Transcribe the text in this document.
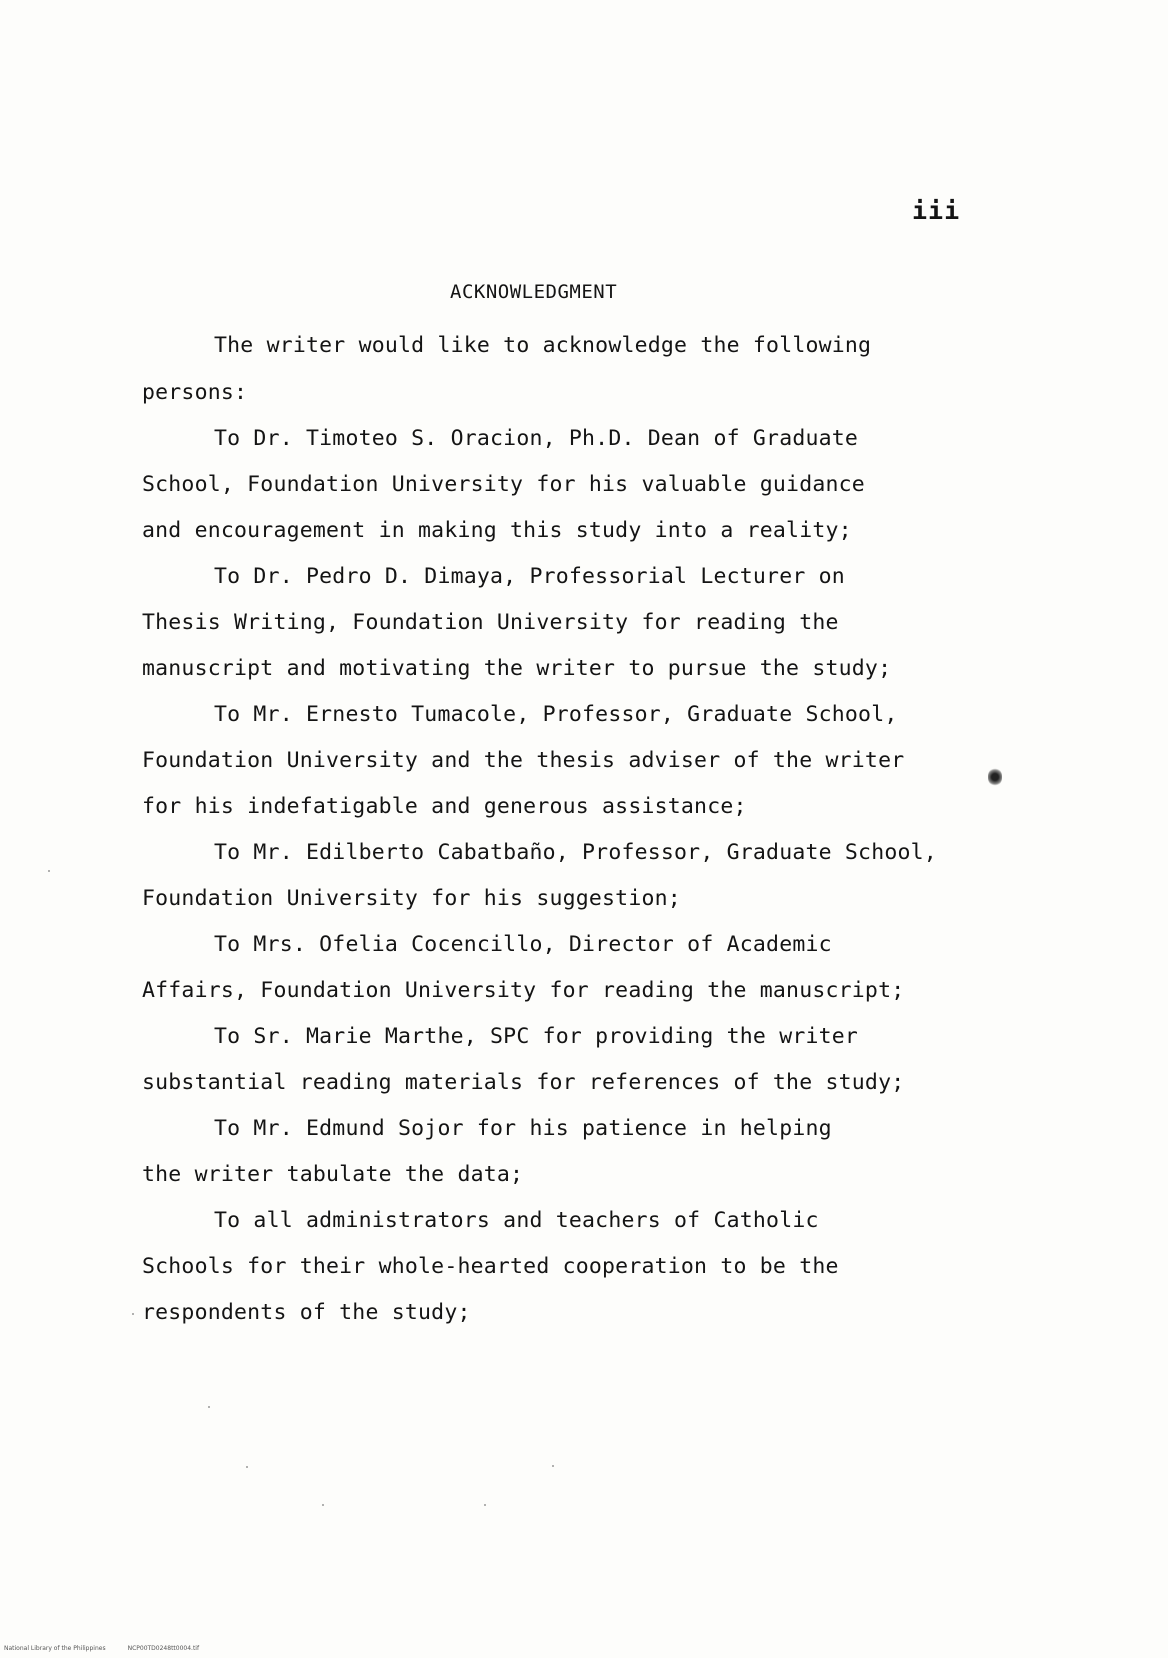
iii
ACKNOWLEDGMENT
The writer would like to acknowledge the following
persons:
To Dr. Timoteo S. Oracion, Ph.D. Dean of Graduate
School, Foundation University for his valuable guidance
and encouragement in making this study into a reality;
To Dr. Pedro D. Dimaya, Professorial Lecturer on
Thesis Writing, Foundation University for reading the
manuscript and motivating the writer to pursue the study;
To Mr. Ernesto Tumacole, Professor, Graduate School,
Foundation University and the thesis adviser of the writer
for his indefatigable and generous assistance;
To Mr. Edilberto Cabatbaño, Professor, Graduate School,
Foundation University for his suggestion;
To Mrs. Ofelia Cocencillo, Director of Academic
Affairs, Foundation University for reading the manuscript;
To Sr. Marie Marthe, SPC for providing the writer
substantial reading materials for references of the study;
To Mr. Edmund Sojor for his patience in helping
the writer tabulate the data;
To all administrators and teachers of Catholic
Schools for their whole-hearted cooperation to be the
respondents of the study;
National Library of the Philippines	NCP00TD0248tt0004.tif
